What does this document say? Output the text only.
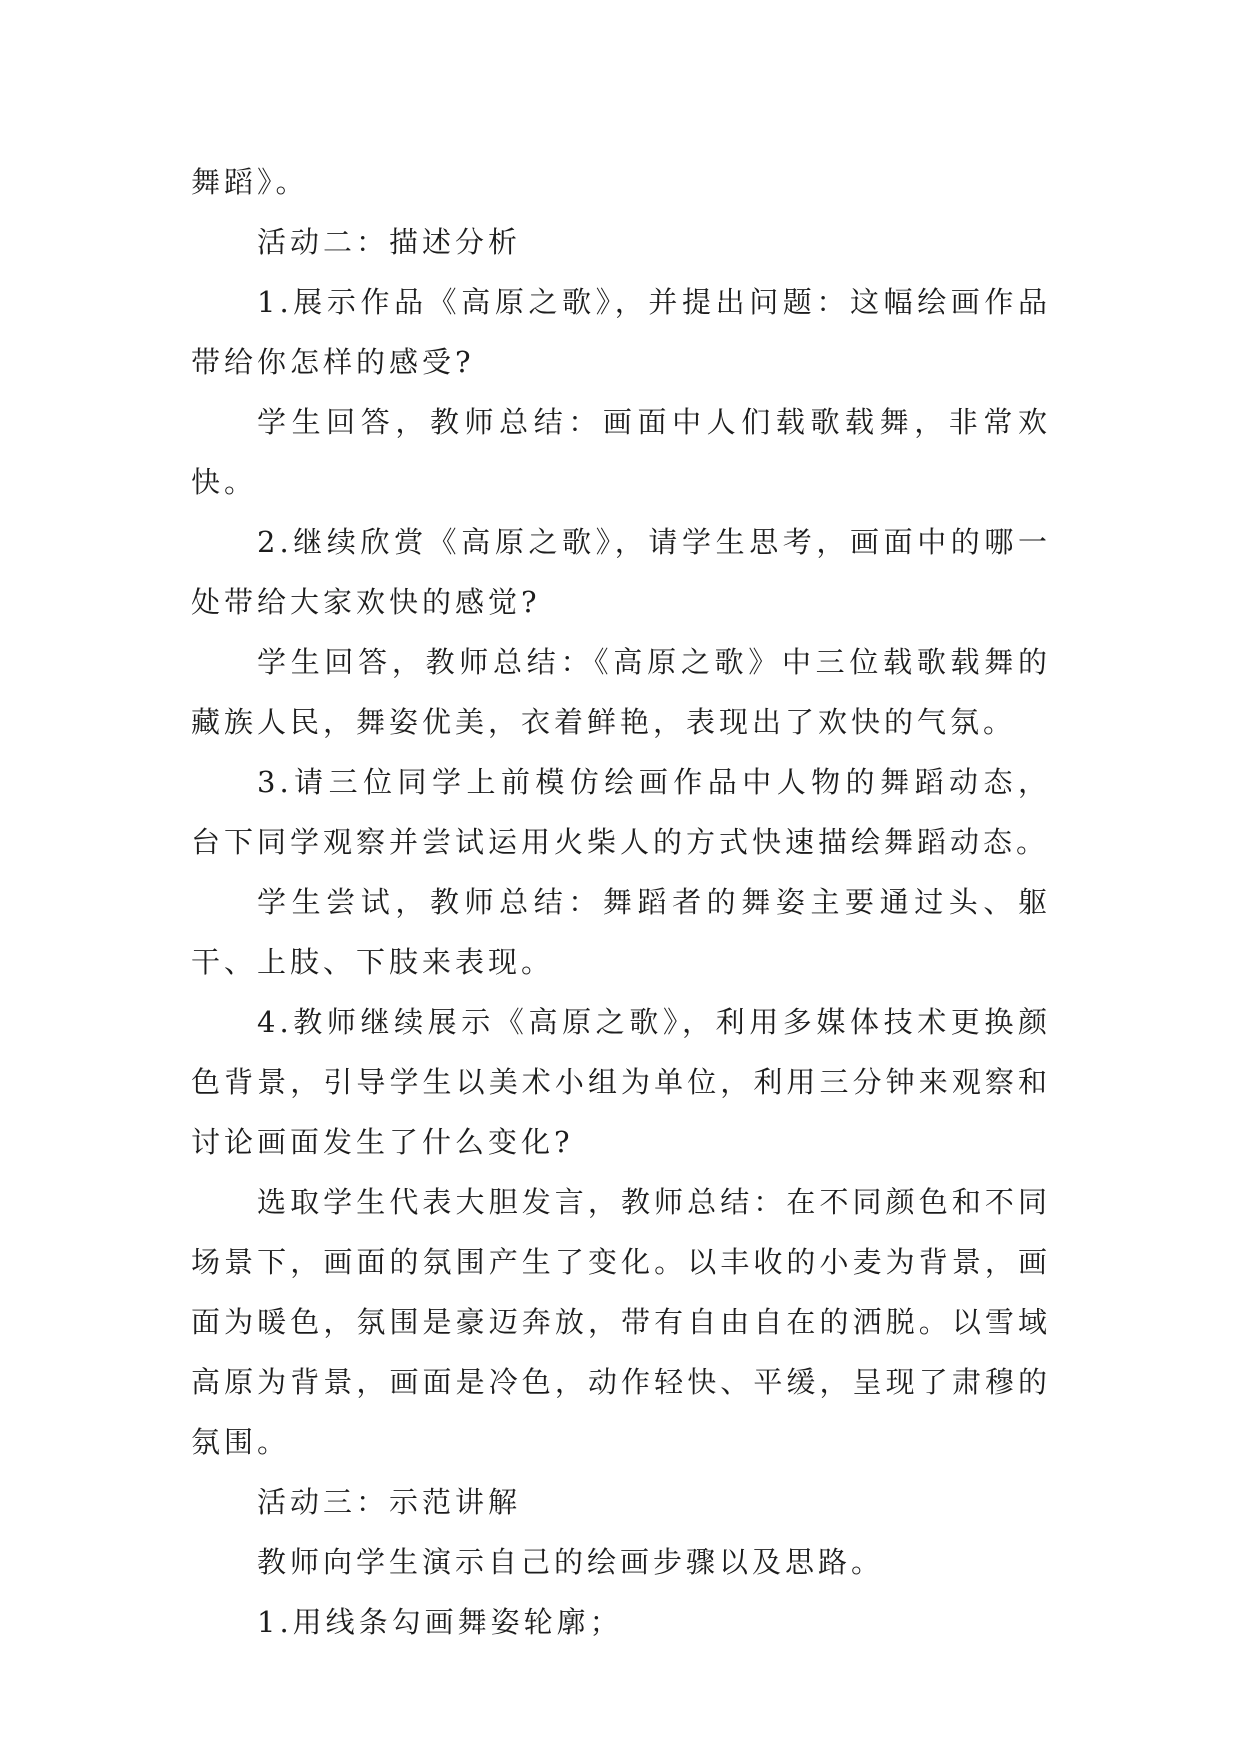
舞蹈》。

活动二：描述分析

1.展示作品《高原之歌》，并提出问题：这幅绘画作品带给你怎样的感受?

学生回答，教师总结：画面中人们载歌载舞，非常欢快。

2.继续欣赏《高原之歌》，请学生思考，画面中的哪一处带给大家欢快的感觉?

学生回答，教师总结：《高原之歌》中三位载歌载舞的藏族人民，舞姿优美，衣着鲜艳，表现出了欢快的气氛。

3.请三位同学上前模仿绘画作品中人物的舞蹈动态，台下同学观察并尝试运用火柴人的方式快速描绘舞蹈动态。

学生尝试，教师总结：舞蹈者的舞姿主要通过头、躯干、上肢、下肢来表现。

4.教师继续展示《高原之歌》，利用多媒体技术更换颜色背景，引导学生以美术小组为单位，利用三分钟来观察和讨论画面发生了什么变化?

选取学生代表大胆发言，教师总结：在不同颜色和不同场景下，画面的氛围产生了变化。以丰收的小麦为背景，画面为暖色，氛围是豪迈奔放，带有自由自在的洒脱。以雪域高原为背景，画面是冷色，动作轻快、平缓，呈现了肃穆的氛围。

活动三：示范讲解

教师向学生演示自己的绘画步骤以及思路。

1.用线条勾画舞姿轮廓；
